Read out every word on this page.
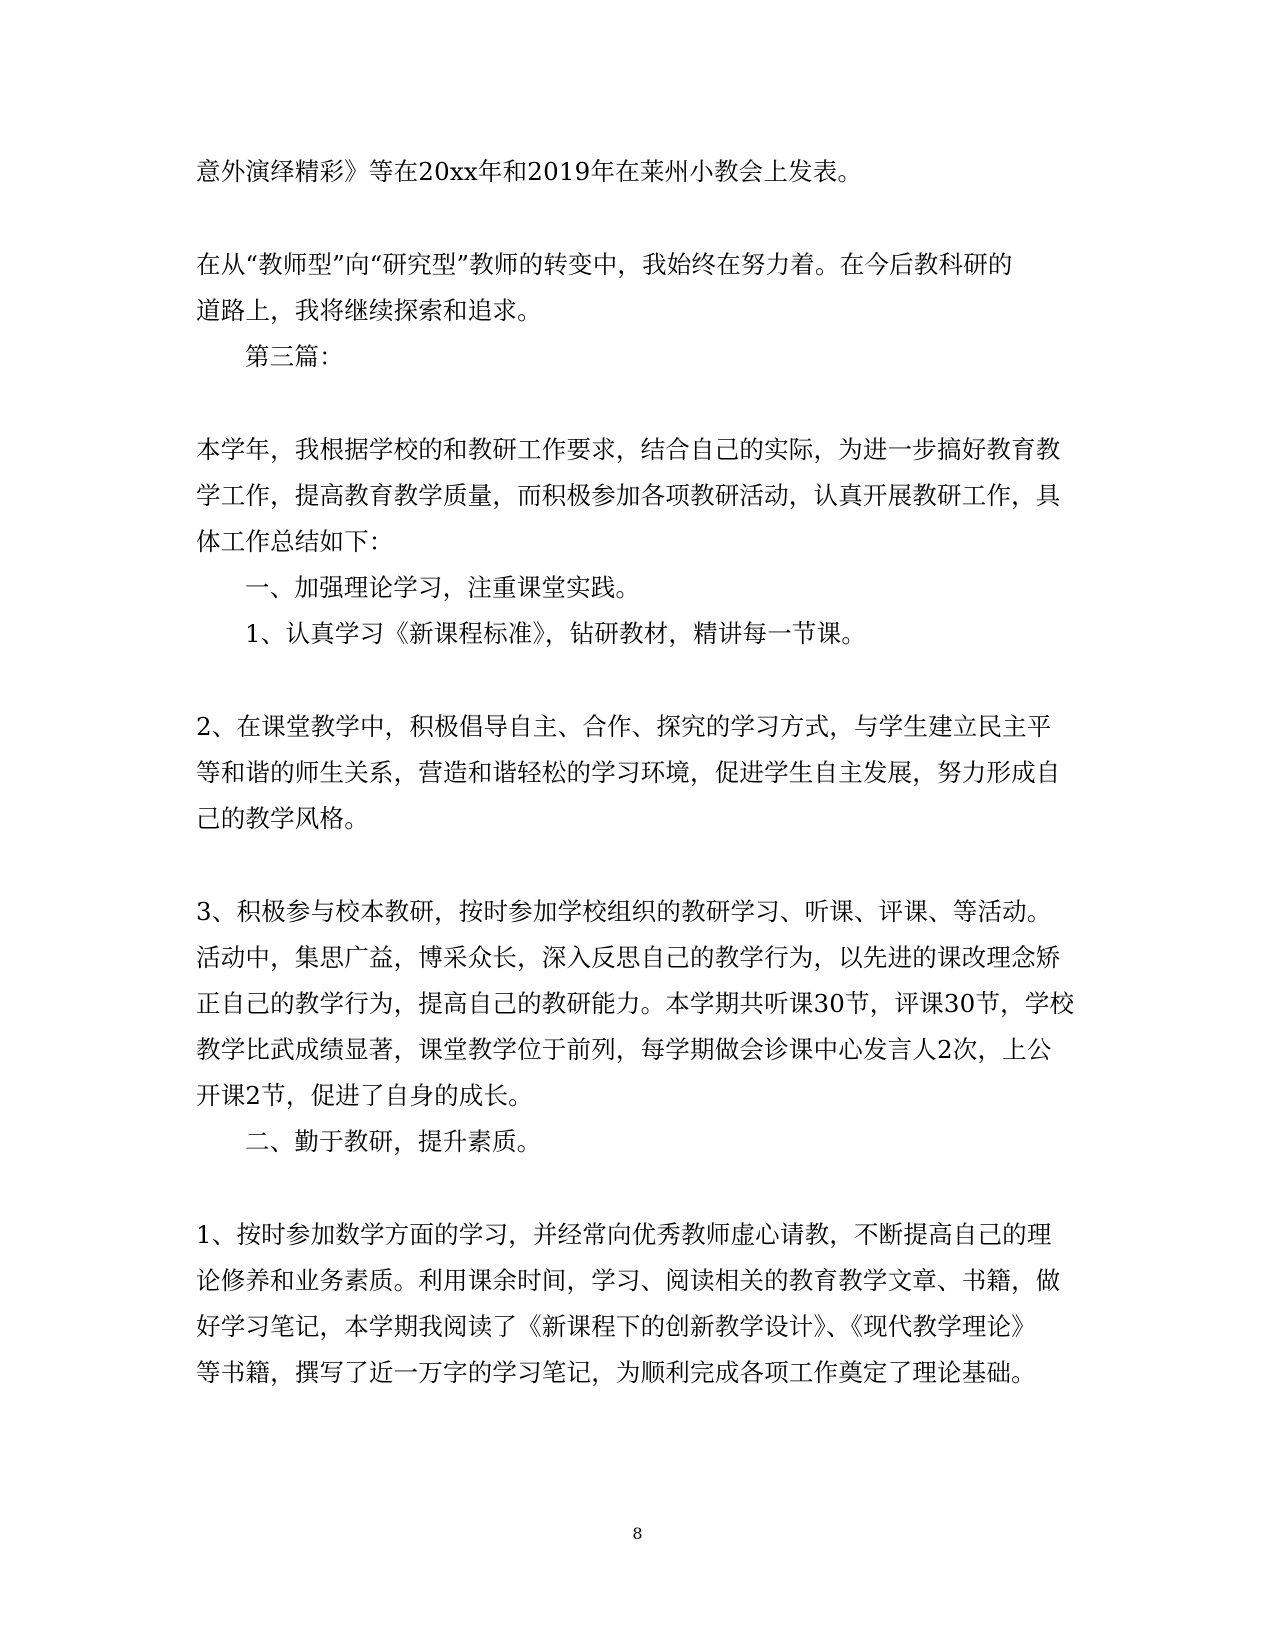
意外演绎精彩》等在20xx年和2019年在莱州小教会上发表。
在从“教师型”向“研究型”教师的转变中，我始终在努力着。在今后教科研的
道路上，我将继续探索和追求。
第三篇：
本学年，我根据学校的和教研工作要求，结合自己的实际，为进一步搞好教育教
学工作，提高教育教学质量，而积极参加各项教研活动，认真开展教研工作，具
体工作总结如下：
一、加强理论学习，注重课堂实践。
1、认真学习《新课程标准》，钻研教材，精讲每一节课。
2、在课堂教学中，积极倡导自主、合作、探究的学习方式，与学生建立民主平
等和谐的师生关系，营造和谐轻松的学习环境，促进学生自主发展，努力形成自
己的教学风格。
3、积极参与校本教研，按时参加学校组织的教研学习、听课、评课、等活动。
活动中，集思广益，博采众长，深入反思自己的教学行为，以先进的课改理念矫
正自己的教学行为，提高自己的教研能力。本学期共听课30节，评课30节，学校
教学比武成绩显著，课堂教学位于前列，每学期做会诊课中心发言人2次，上公
开课2节，促进了自身的成长。
二、勤于教研，提升素质。
1、按时参加数学方面的学习，并经常向优秀教师虚心请教，不断提高自己的理
论修养和业务素质。利用课余时间，学习、阅读相关的教育教学文章、书籍，做
好学习笔记，本学期我阅读了《新课程下的创新教学设计》、《现代教学理论》
等书籍，撰写了近一万字的学习笔记，为顺利完成各项工作奠定了理论基础。
8
